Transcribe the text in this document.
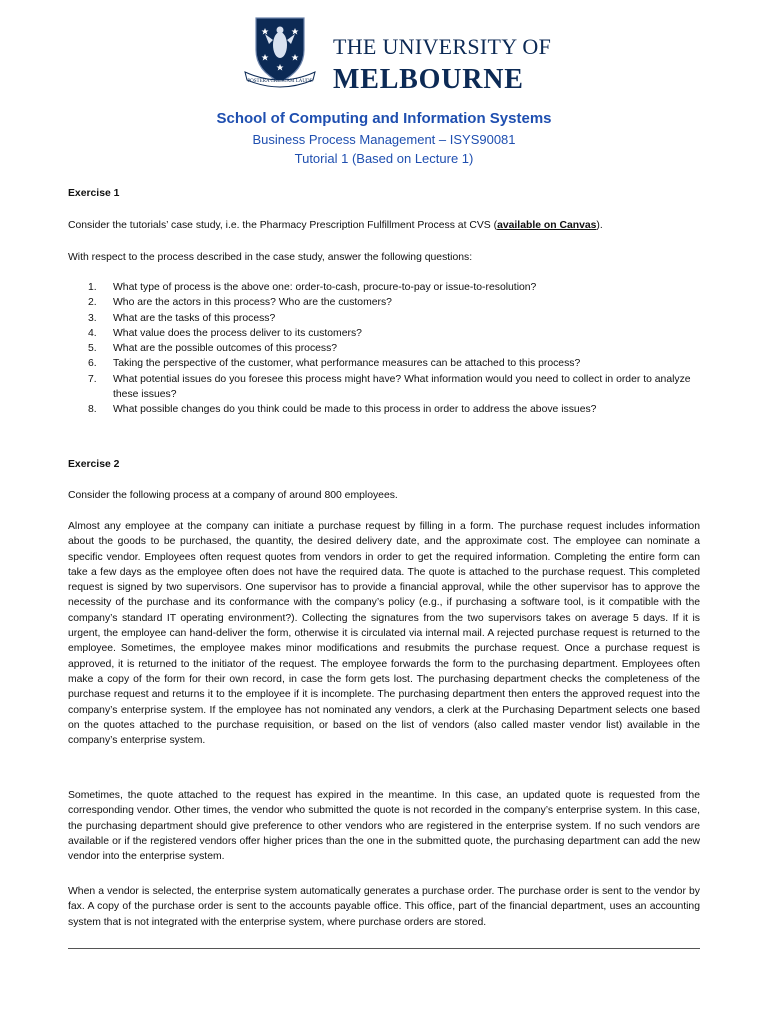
POSTERA CRESCAM LAUDE
THE UNIVERSITY OF
MELBOURNE
School of Computing and Information Systems
Business Process Management – ISYS90081
Tutorial 1 (Based on Lecture 1)
Exercise 1
Consider the tutorials’ case study, i.e. the Pharmacy Prescription Fulfillment Process at CVS (available on Canvas).
With respect to the process described in the case study, answer the following questions:
1. What type of process is the above one: order-to-cash, procure-to-pay or issue-to-resolution?
2. Who are the actors in this process? Who are the customers?
3. What are the tasks of this process?
4. What value does the process deliver to its customers?
5. What are the possible outcomes of this process?
6. Taking the perspective of the customer, what performance measures can be attached to this process?
7. What potential issues do you foresee this process might have? What information would you need to collect in order to analyze these issues?
8. What possible changes do you think could be made to this process in order to address the above issues?
Exercise 2
Consider the following process at a company of around 800 employees.
Almost any employee at the company can initiate a purchase request by filling in a form. The purchase request includes information about the goods to be purchased, the quantity, the desired delivery date, and the approximate cost. The employee can nominate a specific vendor. Employees often request quotes from vendors in order to get the required information. Completing the entire form can take a few days as the employee often does not have the required data. The quote is attached to the purchase request. This completed request is signed by two supervisors. One supervisor has to provide a financial approval, while the other supervisor has to approve the necessity of the purchase and its conformance with the company’s policy (e.g., if purchasing a software tool, is it compatible with the company’s standard IT operating environment?). Collecting the signatures from the two supervisors takes on average 5 days. If it is urgent, the employee can hand-deliver the form, otherwise it is circulated via internal mail. A rejected purchase request is returned to the employee. Sometimes, the employee makes minor modifications and resubmits the purchase request. Once a purchase request is approved, it is returned to the initiator of the request. The employee forwards the form to the purchasing department. Employees often make a copy of the form for their own record, in case the form gets lost. The purchasing department checks the completeness of the purchase request and returns it to the employee if it is incomplete. The purchasing department then enters the approved request into the company’s enterprise system. If the employee has not nominated any vendors, a clerk at the Purchasing Department selects one based on the quotes attached to the purchase requisition, or based on the list of vendors (also called master vendor list) available in the company’s enterprise system.
Sometimes, the quote attached to the request has expired in the meantime. In this case, an updated quote is requested from the corresponding vendor. Other times, the vendor who submitted the quote is not recorded in the company’s enterprise system. In this case, the purchasing department should give preference to other vendors who are registered in the enterprise system. If no such vendors are available or if the registered vendors offer higher prices than the one in the submitted quote, the purchasing department can add the new vendor into the enterprise system.
When a vendor is selected, the enterprise system automatically generates a purchase order. The purchase order is sent to the vendor by fax. A copy of the purchase order is sent to the accounts payable office. This office, part of the financial department, uses an accounting system that is not integrated with the enterprise system, where purchase orders are stored.
